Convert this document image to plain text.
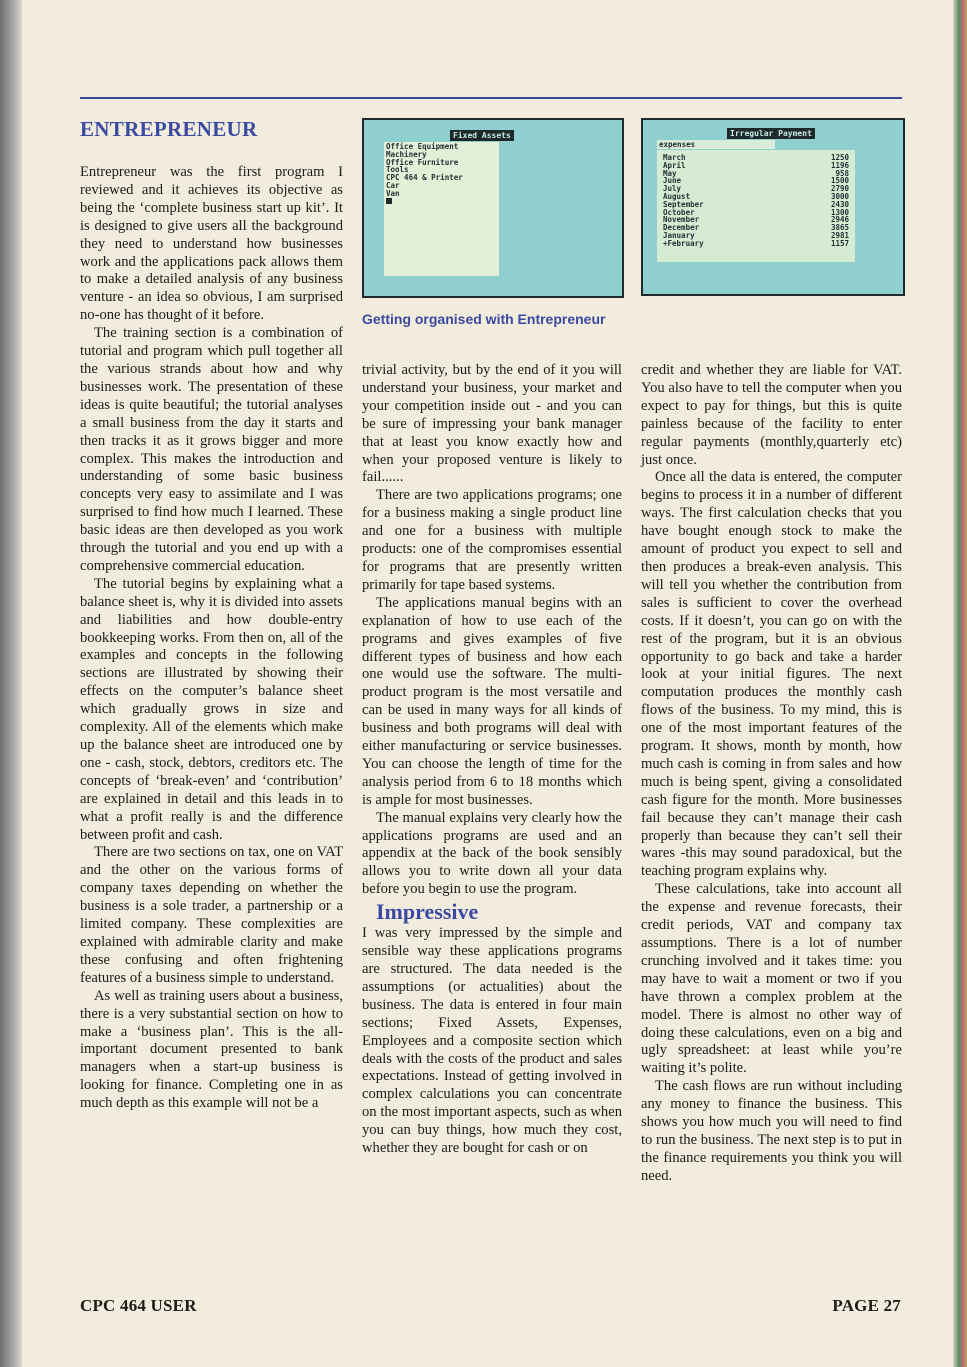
ENTREPRENEUR	Fixed Assets
Office Equipment
Machinery
Office Furniture
Tools
CPC 464 & Printer
Car
Van
Irregular Payment
expenses
March
April
May
June
July
August
September
October
November
December
January
+February
1250
1196
958
1500
2790
3000
2430
1300
2946
3865
2981
1157
Getting organised with Entrepreneur

Entrepreneur was the first program I reviewed and it achieves its objective as being the ‘complete business start up kit’. It is designed to give users all the background they need to understand how businesses work and the applications pack allows them to make a detailed analysis of any business venture - an idea so obvious, I am surprised no-one has thought of it before.

The training section is a combination of tutorial and program which pull together all the various strands about how and why businesses work. The presentation of these ideas is quite beautiful; the tutorial analyses a small business from the day it starts and then tracks it as it grows bigger and more complex. This makes the introduction and understanding of some basic business concepts very easy to assimilate and I was surprised to find how much I learned. These basic ideas are then developed as you work through the tutorial and you end up with a comprehensive commercial education.

The tutorial begins by explaining what a balance sheet is, why it is divided into assets and liabilities and how double-entry bookkeeping works. From then on, all of the examples and concepts in the following sections are illustrated by showing their effects on the computer’s balance sheet which gradually grows in size and complexity. All of the elements which make up the balance sheet are introduced one by one - cash, stock, debtors, creditors etc. The concepts of ‘break-even’ and ‘contribution’ are explained in detail and this leads in to what a profit really is and the difference between profit and cash.

There are two sections on tax, one on VAT and the other on the various forms of company taxes depending on whether the business is a sole trader, a partnership or a limited company. These complexities are explained with admirable clarity and make these confusing and often frightening features of a business simple to understand.

As well as training users about a business, there is a very substantial section on how to make a ‘business plan’. This is the all-important document presented to bank managers when a start-up business is looking for finance. Completing one in as much depth as this example will not be a

trivial activity, but by the end of it you will understand your business, your market and your competition inside out - and you can be sure of impressing your bank manager that at least you know exactly how and when your proposed venture is likely to fail......

There are two applications programs; one for a business making a single product line and one for a business with multiple products: one of the compromises essential for programs that are presently written primarily for tape based systems.

The applications manual begins with an explanation of how to use each of the programs and gives examples of five different types of business and how each one would use the software. The multi-product program is the most versatile and can be used in many ways for all kinds of business and both programs will deal with either manufacturing or service businesses. You can choose the length of time for the analysis period from 6 to 18 months which is ample for most businesses.

The manual explains very clearly how the applications programs are used and an appendix at the back of the book sensibly allows you to write down all your data before you begin to use the program.

Impressive

I was very impressed by the simple and sensible way these applications programs are structured. The data needed is the assumptions (or actualities) about the business. The data is entered in four main sections; Fixed Assets, Expenses, Employees and a composite section which deals with the costs of the product and sales expectations. Instead of getting involved in complex calculations you can concentrate on the most important aspects, such as when you can buy things, how much they cost, whether they are bought for cash or on

credit and whether they are liable for VAT. You also have to tell the computer when you expect to pay for things, but this is quite painless because of the facility to enter regular payments (monthly,quarterly etc) just once.

Once all the data is entered, the computer begins to process it in a number of different ways. The first calculation checks that you have bought enough stock to make the amount of product you expect to sell and then produces a break-even analysis. This will tell you whether the contribution from sales is sufficient to cover the overhead costs. If it doesn’t, you can go on with the rest of the program, but it is an obvious opportunity to go back and take a harder look at your initial figures. The next computation produces the monthly cash flows of the business. To my mind, this is one of the most important features of the program. It shows, month by month, how much cash is coming in from sales and how much is being spent, giving a consolidated cash figure for the month. More businesses fail because they can’t manage their cash properly than because they can’t sell their wares -this may sound paradoxical, but the teaching program explains why.

These calculations, take into account all the expense and revenue forecasts, their credit periods, VAT and company tax assumptions. There is a lot of number crunching involved and it takes time: you may have to wait a moment or two if you have thrown a complex problem at the model. There is almost no other way of doing these calculations, even on a big and ugly spreadsheet: at least while you’re waiting it’s polite.

The cash flows are run without including any money to finance the business. This shows you how much you will need to find to run the business. The next step is to put in the finance requirements you think you will need.

CPC 464 USER	PAGE 27
